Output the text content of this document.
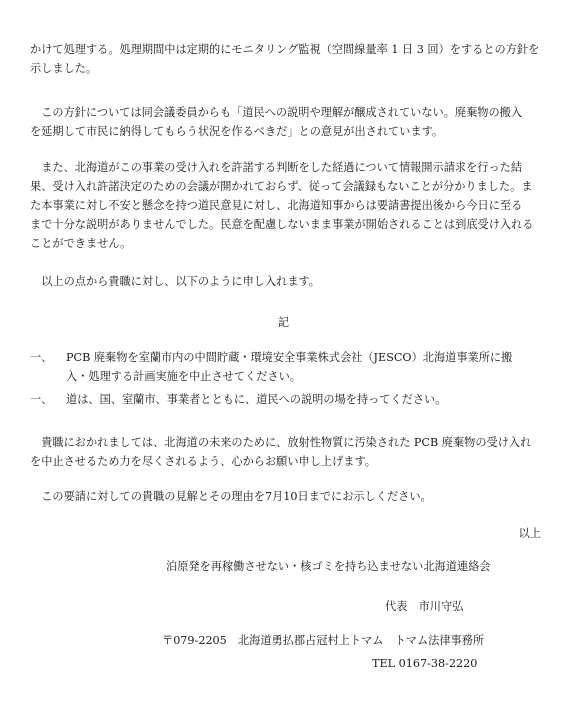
かけて処理する。処理期間中は定期的にモニタリング監視（空間線量率 1 日 3 回）をするとの方針を
示しました。

　この方針については同会議委員からも「道民への説明や理解が醸成されていない。廃棄物の搬入
を延期して市民に納得してもらう状況を作るべきだ」との意見が出されています。

　また、北海道がこの事業の受け入れを許諾する判断をした経過について情報開示請求を行った結
果、受け入れ許諾決定のための会議が開かれておらず、従って会議録もないことが分かりました。ま
た本事業に対し不安と懸念を持つ道民意見に対し、北海道知事からは要請書提出後から今日に至る
まで十分な説明がありませんでした。民意を配慮しないまま事業が開始されることは到底受け入れる
ことができません。

　以上の点から貴職に対し、以下のように申し入れます。

記
一、 PCB 廃棄物を室蘭市内の中間貯蔵・環境安全事業株式会社（JESCO）北海道事業所に搬
入・処理する計画実施を中止させてください。
一、 道は、国、室蘭市、事業者とともに、道民への説明の場を持ってください。

　貴職におかれましては、北海道の未来のために、放射性物質に汚染された PCB 廃棄物の受け入れ
を中止させるため力を尽くされるよう、心からお願い申し上げます。

　この要請に対しての貴職の見解とその理由を7月10日までにお示しください。

以上
泊原発を再稼働させない・核ゴミを持ち込ませない北海道連絡会
代表　市川守弘
〒079-2205　北海道勇払郡占冠村上トマム　トマム法律事務所
TEL 0167-38-2220
